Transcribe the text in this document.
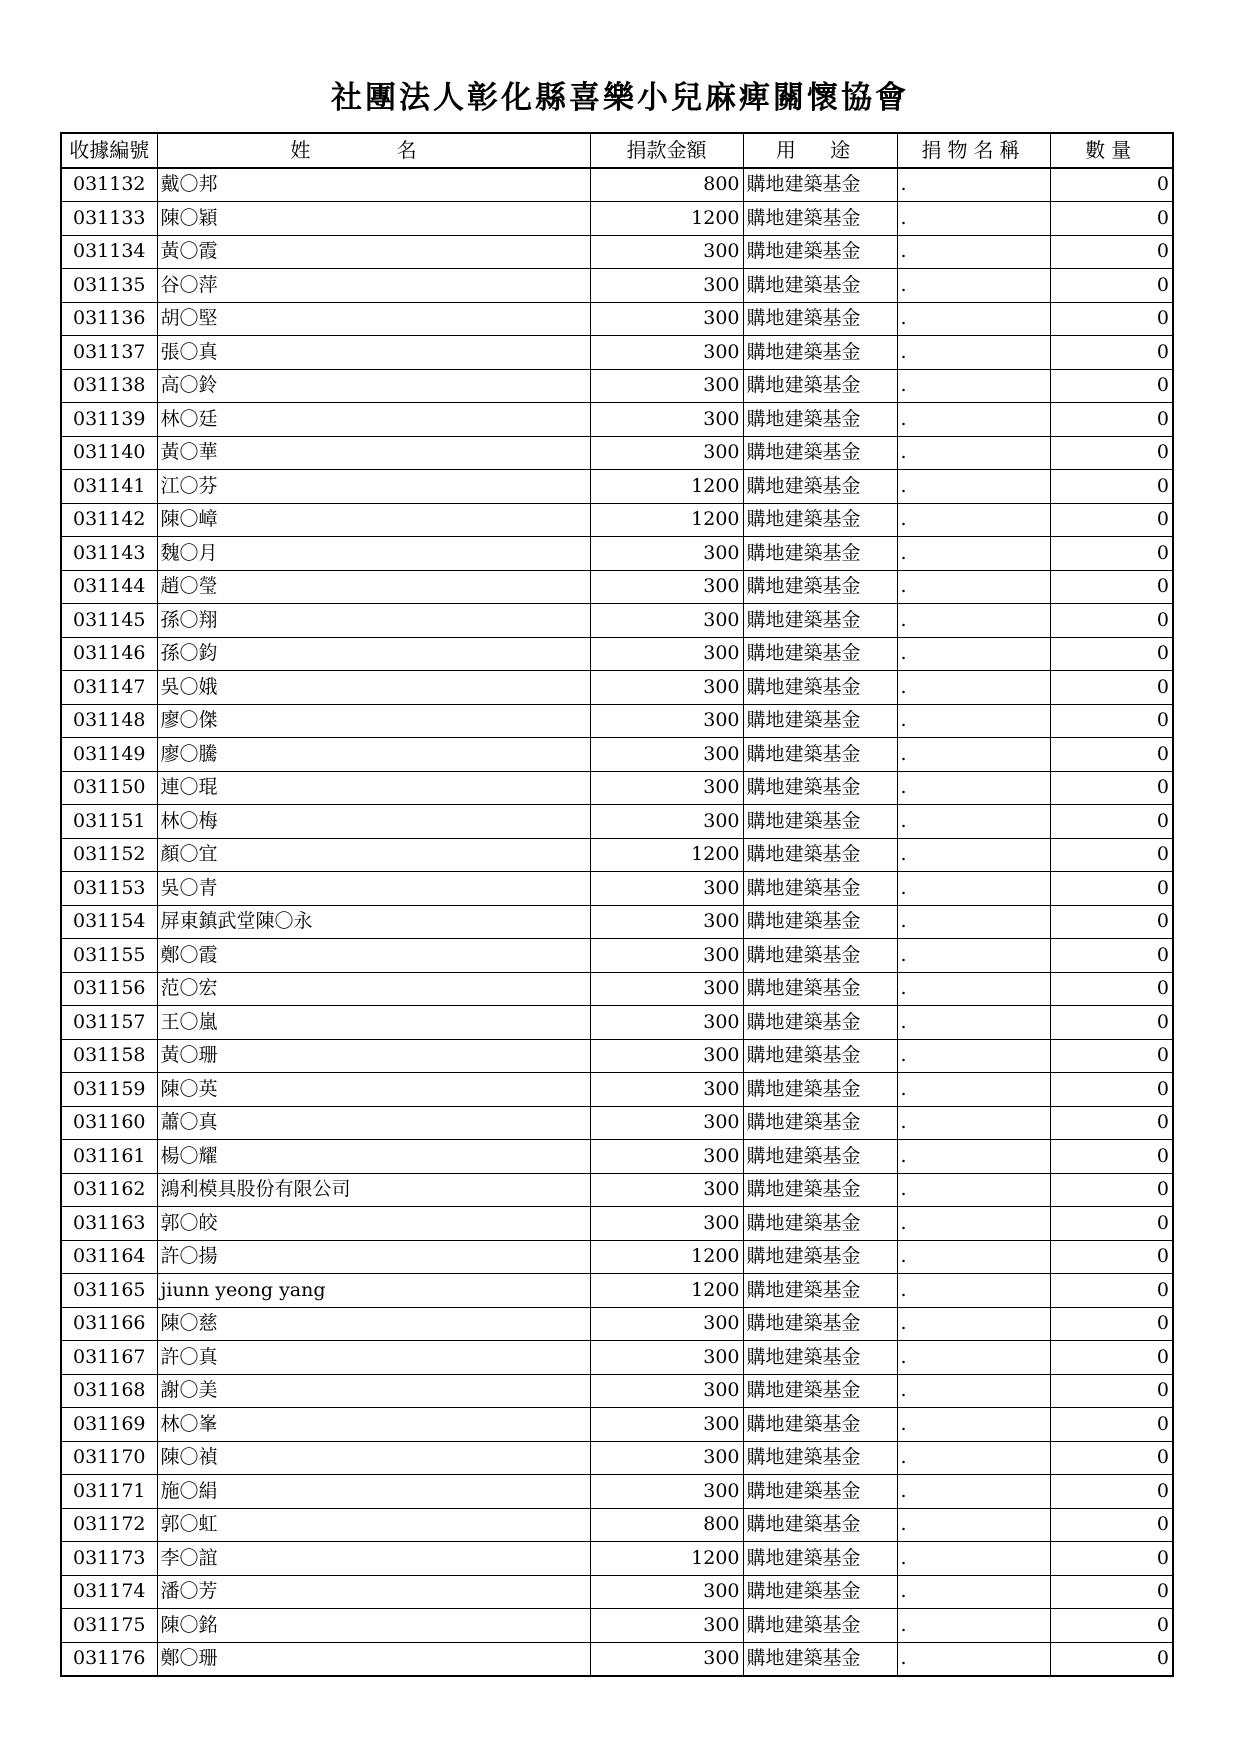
社團法人彰化縣喜樂小兒麻痺關懷協會
收據編號	姓 名	捐款金額	用 途	捐物名稱	數量
031132	戴〇邦	800	購地建築基金	.	0
031133	陳〇穎	1200	購地建築基金	.	0
031134	黃〇霞	300	購地建築基金	.	0
031135	谷〇萍	300	購地建築基金	.	0
031136	胡〇堅	300	購地建築基金	.	0
031137	張〇真	300	購地建築基金	.	0
031138	高〇鈴	300	購地建築基金	.	0
031139	林〇廷	300	購地建築基金	.	0
031140	黃〇華	300	購地建築基金	.	0
031141	江〇芬	1200	購地建築基金	.	0
031142	陳〇嶂	1200	購地建築基金	.	0
031143	魏〇月	300	購地建築基金	.	0
031144	趙〇瑩	300	購地建築基金	.	0
031145	孫〇翔	300	購地建築基金	.	0
031146	孫〇鈞	300	購地建築基金	.	0
031147	吳〇娥	300	購地建築基金	.	0
031148	廖〇傑	300	購地建築基金	.	0
031149	廖〇騰	300	購地建築基金	.	0
031150	連〇琨	300	購地建築基金	.	0
031151	林〇梅	300	購地建築基金	.	0
031152	顏〇宜	1200	購地建築基金	.	0
031153	吳〇青	300	購地建築基金	.	0
031154	屏東鎮武堂陳〇永	300	購地建築基金	.	0
031155	鄭〇霞	300	購地建築基金	.	0
031156	范〇宏	300	購地建築基金	.	0
031157	王〇嵐	300	購地建築基金	.	0
031158	黃〇珊	300	購地建築基金	.	0
031159	陳〇英	300	購地建築基金	.	0
031160	蕭〇真	300	購地建築基金	.	0
031161	楊〇耀	300	購地建築基金	.	0
031162	鴻利模具股份有限公司	300	購地建築基金	.	0
031163	郭〇皎	300	購地建築基金	.	0
031164	許〇揚	1200	購地建築基金	.	0
031165	jiunn yeong yang	1200	購地建築基金	.	0
031166	陳〇慈	300	購地建築基金	.	0
031167	許〇真	300	購地建築基金	.	0
031168	謝〇美	300	購地建築基金	.	0
031169	林〇峯	300	購地建築基金	.	0
031170	陳〇禎	300	購地建築基金	.	0
031171	施〇絹	300	購地建築基金	.	0
031172	郭〇虹	800	購地建築基金	.	0
031173	李〇誼	1200	購地建築基金	.	0
031174	潘〇芳	300	購地建築基金	.	0
031175	陳〇銘	300	購地建築基金	.	0
031176	鄭〇珊	300	購地建築基金	.	0
